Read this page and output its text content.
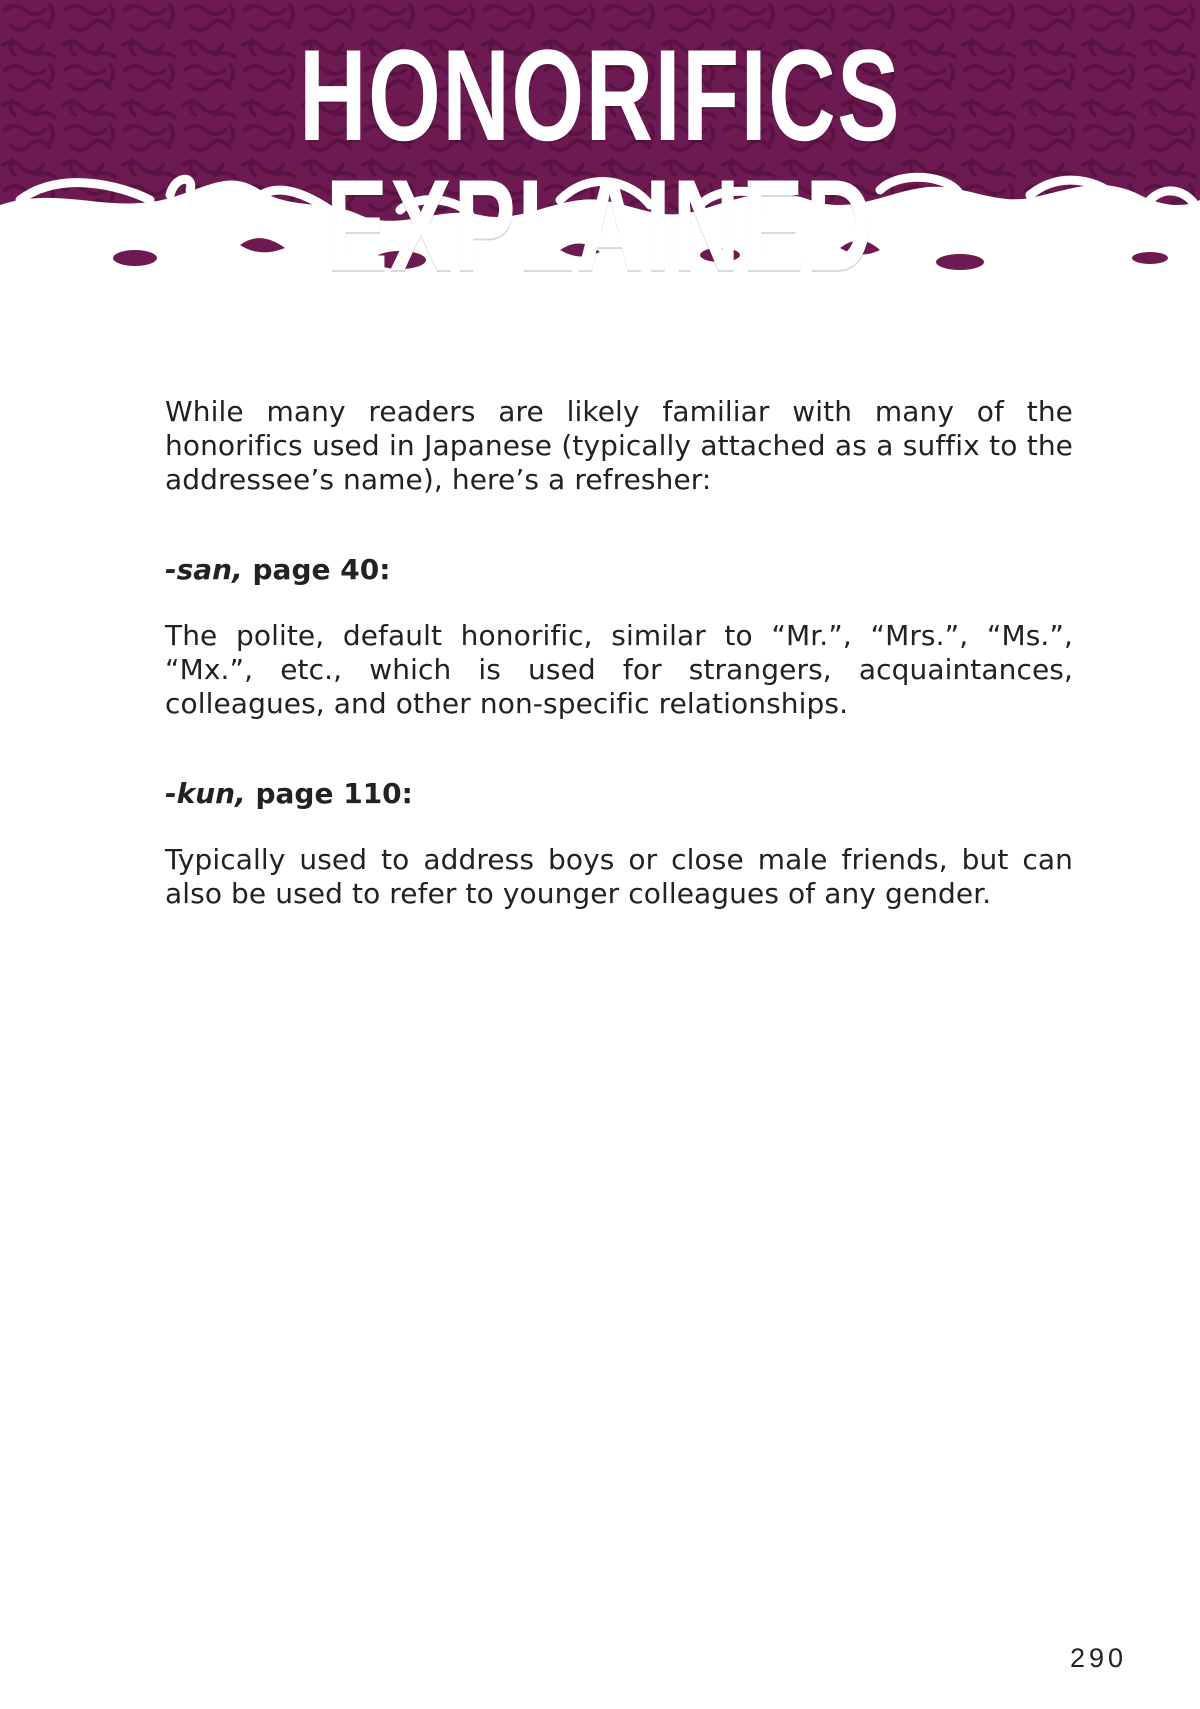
HONORIFICS EXPLAINED

While many readers are likely familiar with many of the honorifics used in Japanese (typically attached as a suffix to the addressee’s name), here’s a refresher:

-san, page 40:

The polite, default honorific, similar to “Mr.”, “Mrs.”, “Ms.”, “Mx.”, etc., which is used for strangers, acquaintances, colleagues, and other non-specific relationships.

-kun, page 110:

Typically used to address boys or close male friends, but can also be used to refer to younger colleagues of any gender.

290
